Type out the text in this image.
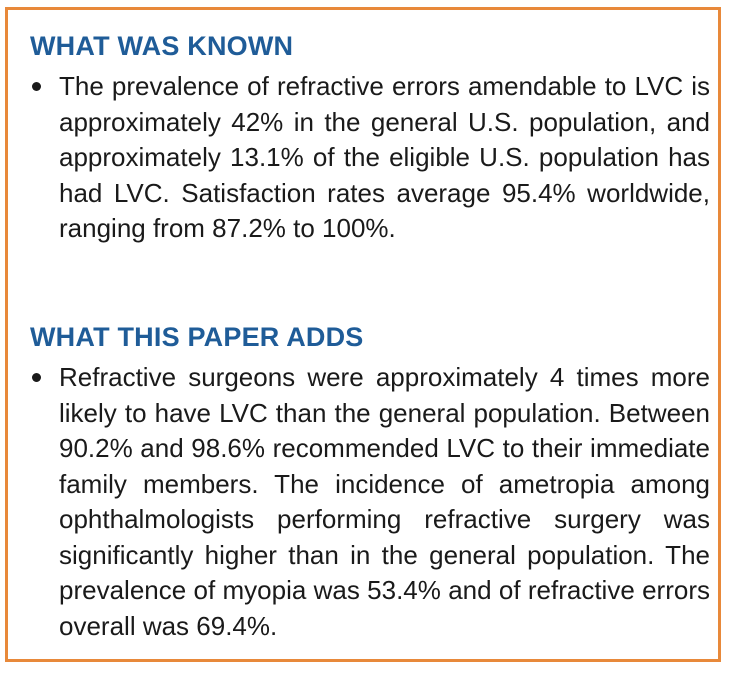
WHAT WAS KNOWN

The prevalence of refractive errors amendable to LVC is approximately 42% in the general U.S. population, and approximately 13.1% of the eligible U.S. population has had LVC. Satisfaction rates average 95.4% worldwide, ranging from 87.2% to 100%.

WHAT THIS PAPER ADDS

Refractive surgeons were approximately 4 times more likely to have LVC than the general population. Between 90.2% and 98.6% recommended LVC to their immediate family members. The incidence of ametropia among ophthalmologists performing refractive surgery was significantly higher than in the general population. The prevalence of myopia was 53.4% and of refractive errors overall was 69.4%.
